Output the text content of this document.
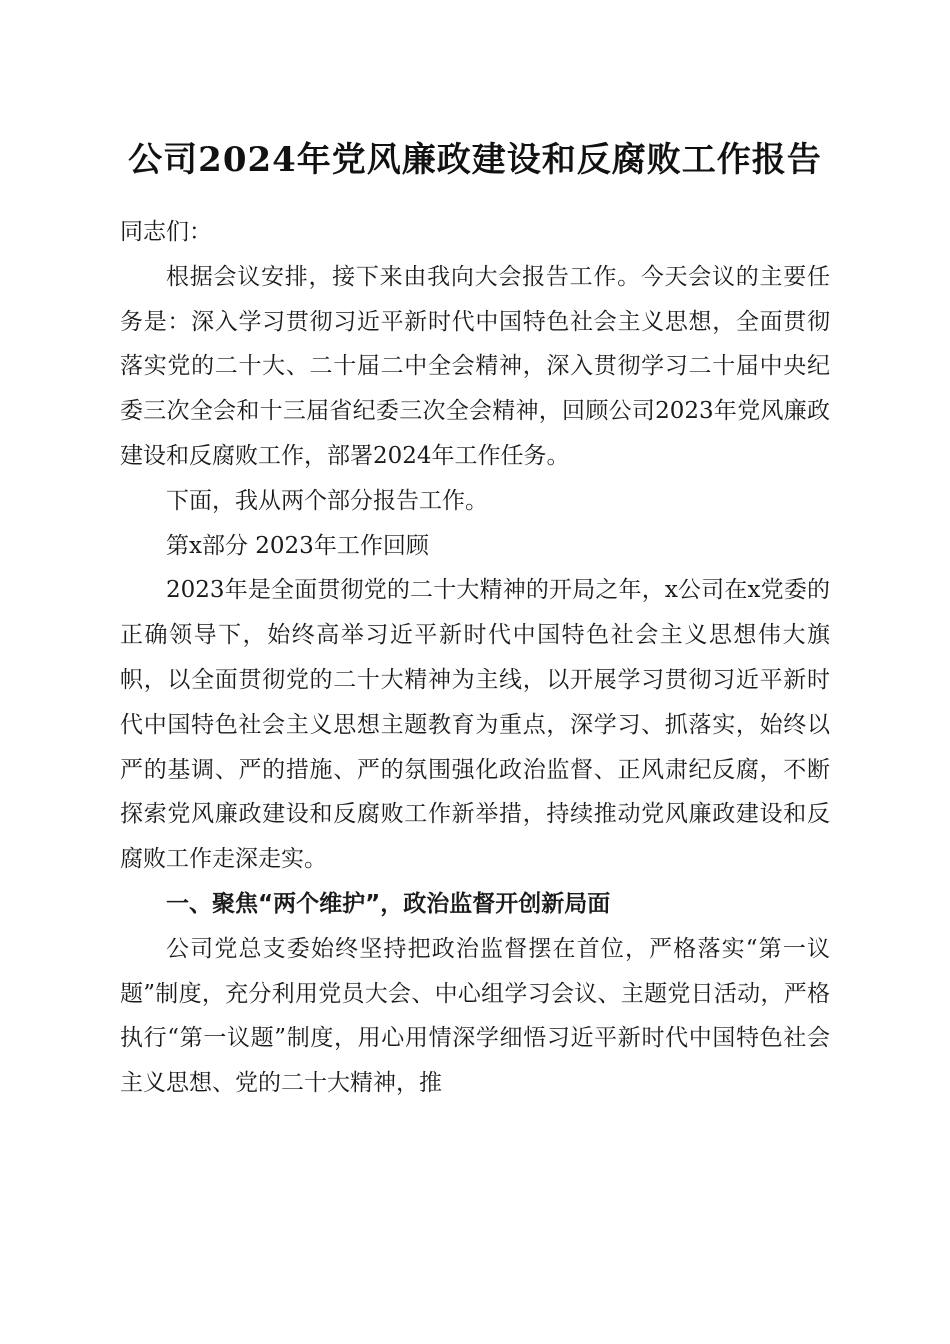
公司2024年党风廉政建设和反腐败工作报告

同志们：

根据会议安排，接下来由我向大会报告工作。今天会议的主要任务是：深入学习贯彻习近平新时代中国特色社会主义思想，全面贯彻落实党的二十大、二十届二中全会精神，深入贯彻学习二十届中央纪委三次全会和十三届省纪委三次全会精神，回顾公司2023年党风廉政建设和反腐败工作，部署2024年工作任务。

下面，我从两个部分报告工作。

第x部分 2023年工作回顾

2023年是全面贯彻党的二十大精神的开局之年，x公司在x党委的正确领导下，始终高举习近平新时代中国特色社会主义思想伟大旗帜，以全面贯彻党的二十大精神为主线，以开展学习贯彻习近平新时代中国特色社会主义思想主题教育为重点，深学习、抓落实，始终以严的基调、严的措施、严的氛围强化政治监督、正风肃纪反腐，不断探索党风廉政建设和反腐败工作新举措，持续推动党风廉政建设和反腐败工作走深走实。

一、聚焦“两个维护”，政治监督开创新局面

公司党总支委始终坚持把政治监督摆在首位，严格落实“第一议题”制度，充分利用党员大会、中心组学习会议、主题党日活动，严格执行“第一议题”制度，用心用情深学细悟习近平新时代中国特色社会主义思想、党的二十大精神，推
